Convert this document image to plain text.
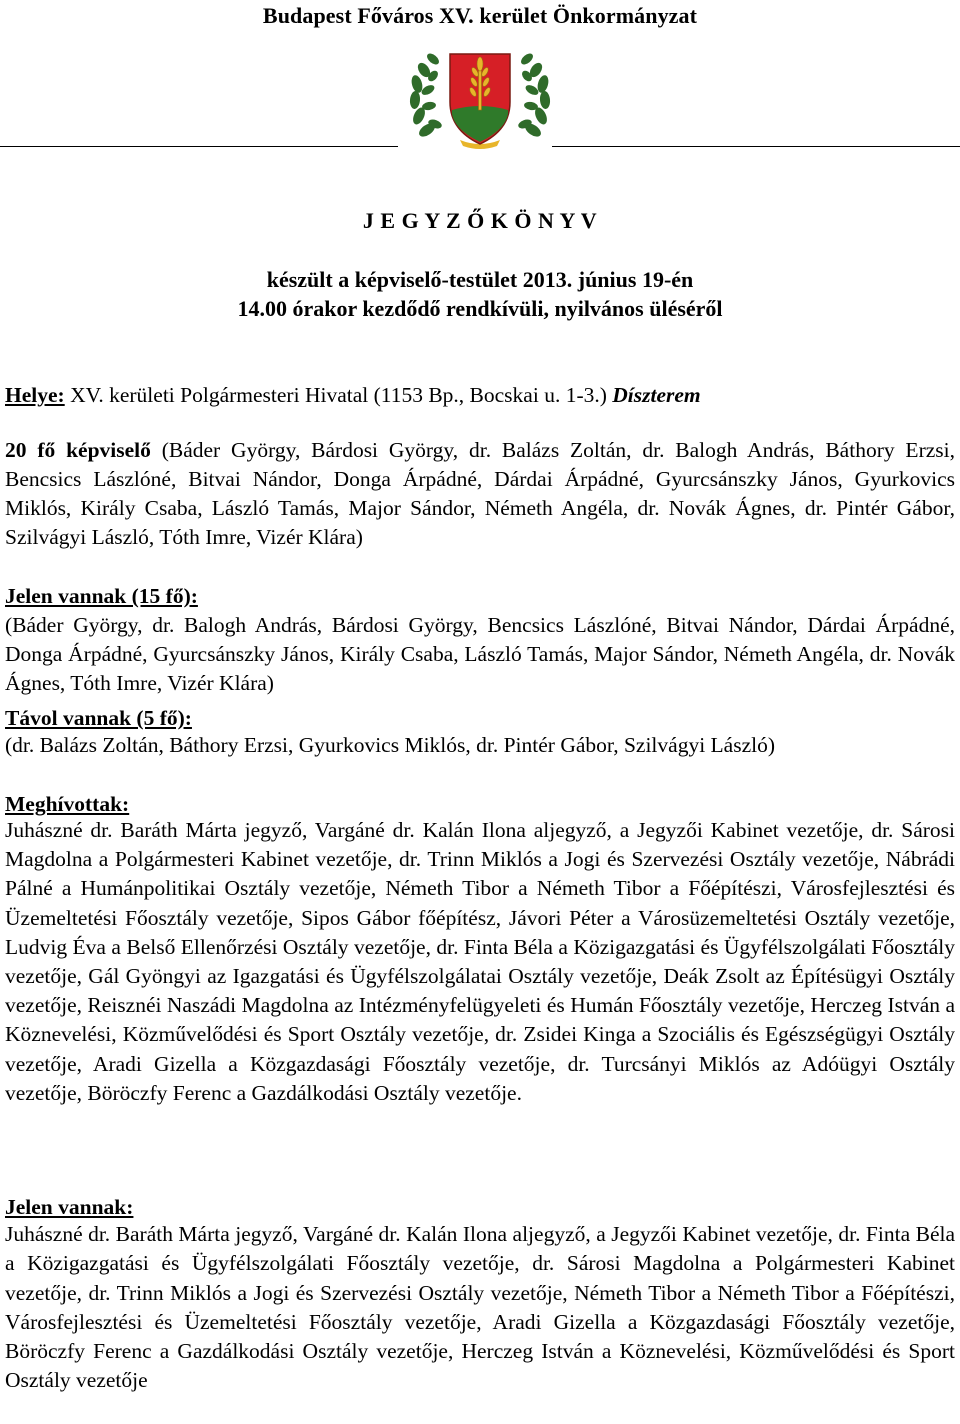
Budapest Főváros XV. kerület Önkormányzat
J E G Y Z Ő K Ö N Y V
készült a képviselő-testület 2013. június 19-én
14.00 órakor kezdődő rendkívüli, nyilvános üléséről
Helye: XV. kerületi Polgármesteri Hivatal (1153 Bp., Bocskai u. 1-3.) Díszterem
20 fő képviselő (Báder György, Bárdosi György, dr. Balázs Zoltán, dr. Balogh András, Báthory Erzsi, Bencsics Lászlóné, Bitvai Nándor, Donga Árpádné, Dárdai Árpádné, Gyurcsánszky János, Gyurkovics Miklós, Király Csaba, László Tamás, Major Sándor, Németh Angéla, dr. Novák Ágnes, dr. Pintér Gábor, Szilvágyi László, Tóth Imre, Vizér Klára)
Jelen vannak (15 fő):
(Báder György, dr. Balogh András, Bárdosi György, Bencsics Lászlóné, Bitvai Nándor, Dárdai Árpádné, Donga Árpádné, Gyurcsánszky János, Király Csaba, László Tamás, Major Sándor, Németh Angéla, dr. Novák Ágnes, Tóth Imre, Vizér Klára)
Távol vannak (5 fő):
(dr. Balázs Zoltán, Báthory Erzsi, Gyurkovics Miklós, dr. Pintér Gábor, Szilvágyi László)
Meghívottak:
Juhászné dr. Baráth Márta jegyző, Vargáné dr. Kalán Ilona aljegyző, a Jegyzői Kabinet vezetője, dr. Sárosi Magdolna a Polgármesteri Kabinet vezetője, dr. Trinn Miklós a Jogi és Szervezési Osztály vezetője, Nábrádi Pálné a Humánpolitikai Osztály vezetője, Németh Tibor a Németh Tibor a Főépítészi, Városfejlesztési és Üzemeltetési Főosztály vezetője, Sipos Gábor főépítész, Jávori Péter a Városüzemeltetési Osztály vezetője, Ludvig Éva a Belső Ellenőrzési Osztály vezetője, dr. Finta Béla a Közigazgatási és Ügyfélszolgálati Főosztály vezetője, Gál Gyöngyi az Igazgatási és Ügyfélszolgálatai Osztály vezetője, Deák Zsolt az Építésügyi Osztály vezetője, Reisznéi Naszádi Magdolna az Intézményfelügyeleti és Humán Főosztály vezetője, Herczeg István a Köznevelési, Közművelődési és Sport Osztály vezetője, dr. Zsidei Kinga a Szociális és Egészségügyi Osztály vezetője, Aradi Gizella a Közgazdasági Főosztály vezetője, dr. Turcsányi Miklós az Adóügyi Osztály vezetője, Böröczfy Ferenc a Gazdálkodási Osztály vezetője.
Jelen vannak:
Juhászné dr. Baráth Márta jegyző, Vargáné dr. Kalán Ilona aljegyző, a Jegyzői Kabinet vezetője, dr. Finta Béla a Közigazgatási és Ügyfélszolgálati Főosztály vezetője, dr. Sárosi Magdolna a Polgármesteri Kabinet vezetője, dr. Trinn Miklós a Jogi és Szervezési Osztály vezetője, Németh Tibor a Németh Tibor a Főépítészi, Városfejlesztési és Üzemeltetési Főosztály vezetője, Aradi Gizella a Közgazdasági Főosztály vezetője, Böröczfy Ferenc a Gazdálkodási Osztály vezetője, Herczeg István a Köznevelési, Közművelődési és Sport Osztály vezetője
